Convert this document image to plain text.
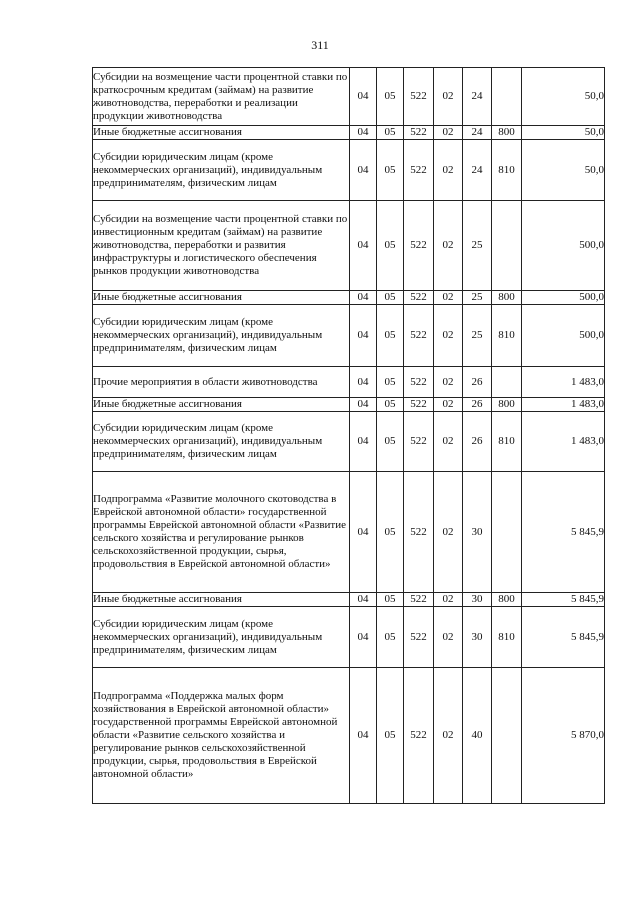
311
Субсидии на возмещение части процентной ставки по краткосрочным кредитам (займам) на развитие животноводства, переработки и реализации продукции животноводства	04	05	522	02	24		50,0
Иные бюджетные ассигнования	04	05	522	02	24	800	50,0
Субсидии юридическим лицам (кроме некоммерческих организаций), индивидуальным предпринимателям, физическим лицам	04	05	522	02	24	810	50,0
Субсидии на возмещение части процентной ставки по инвестиционным кредитам (займам) на развитие животноводства, переработки и развития инфраструктуры и логистического обеспечения рынков продукции животноводства	04	05	522	02	25		500,0
Иные бюджетные ассигнования	04	05	522	02	25	800	500,0
Субсидии юридическим лицам (кроме некоммерческих организаций), индивидуальным предпринимателям, физическим лицам	04	05	522	02	25	810	500,0
Прочие мероприятия в области животноводства	04	05	522	02	26		1 483,0
Иные бюджетные ассигнования	04	05	522	02	26	800	1 483,0
Субсидии юридическим лицам (кроме некоммерческих организаций), индивидуальным предпринимателям, физическим лицам	04	05	522	02	26	810	1 483,0
Подпрограмма «Развитие молочного скотоводства в Еврейской автономной области» государственной программы Еврейской автономной области «Развитие сельского хозяйства и регулирование рынков сельскохозяйственной продукции, сырья, продовольствия в Еврейской автономной области»	04	05	522	02	30		5 845,9
Иные бюджетные ассигнования	04	05	522	02	30	800	5 845,9
Субсидии юридическим лицам (кроме некоммерческих организаций), индивидуальным предпринимателям, физическим лицам	04	05	522	02	30	810	5 845,9
Подпрограмма «Поддержка малых форм хозяйствования в Еврейской автономной области» государственной программы Еврейской автономной области «Развитие сельского хозяйства и регулирование рынков сельскохозяйственной продукции, сырья, продовольствия в Еврейской автономной области»	04	05	522	02	40		5 870,0
